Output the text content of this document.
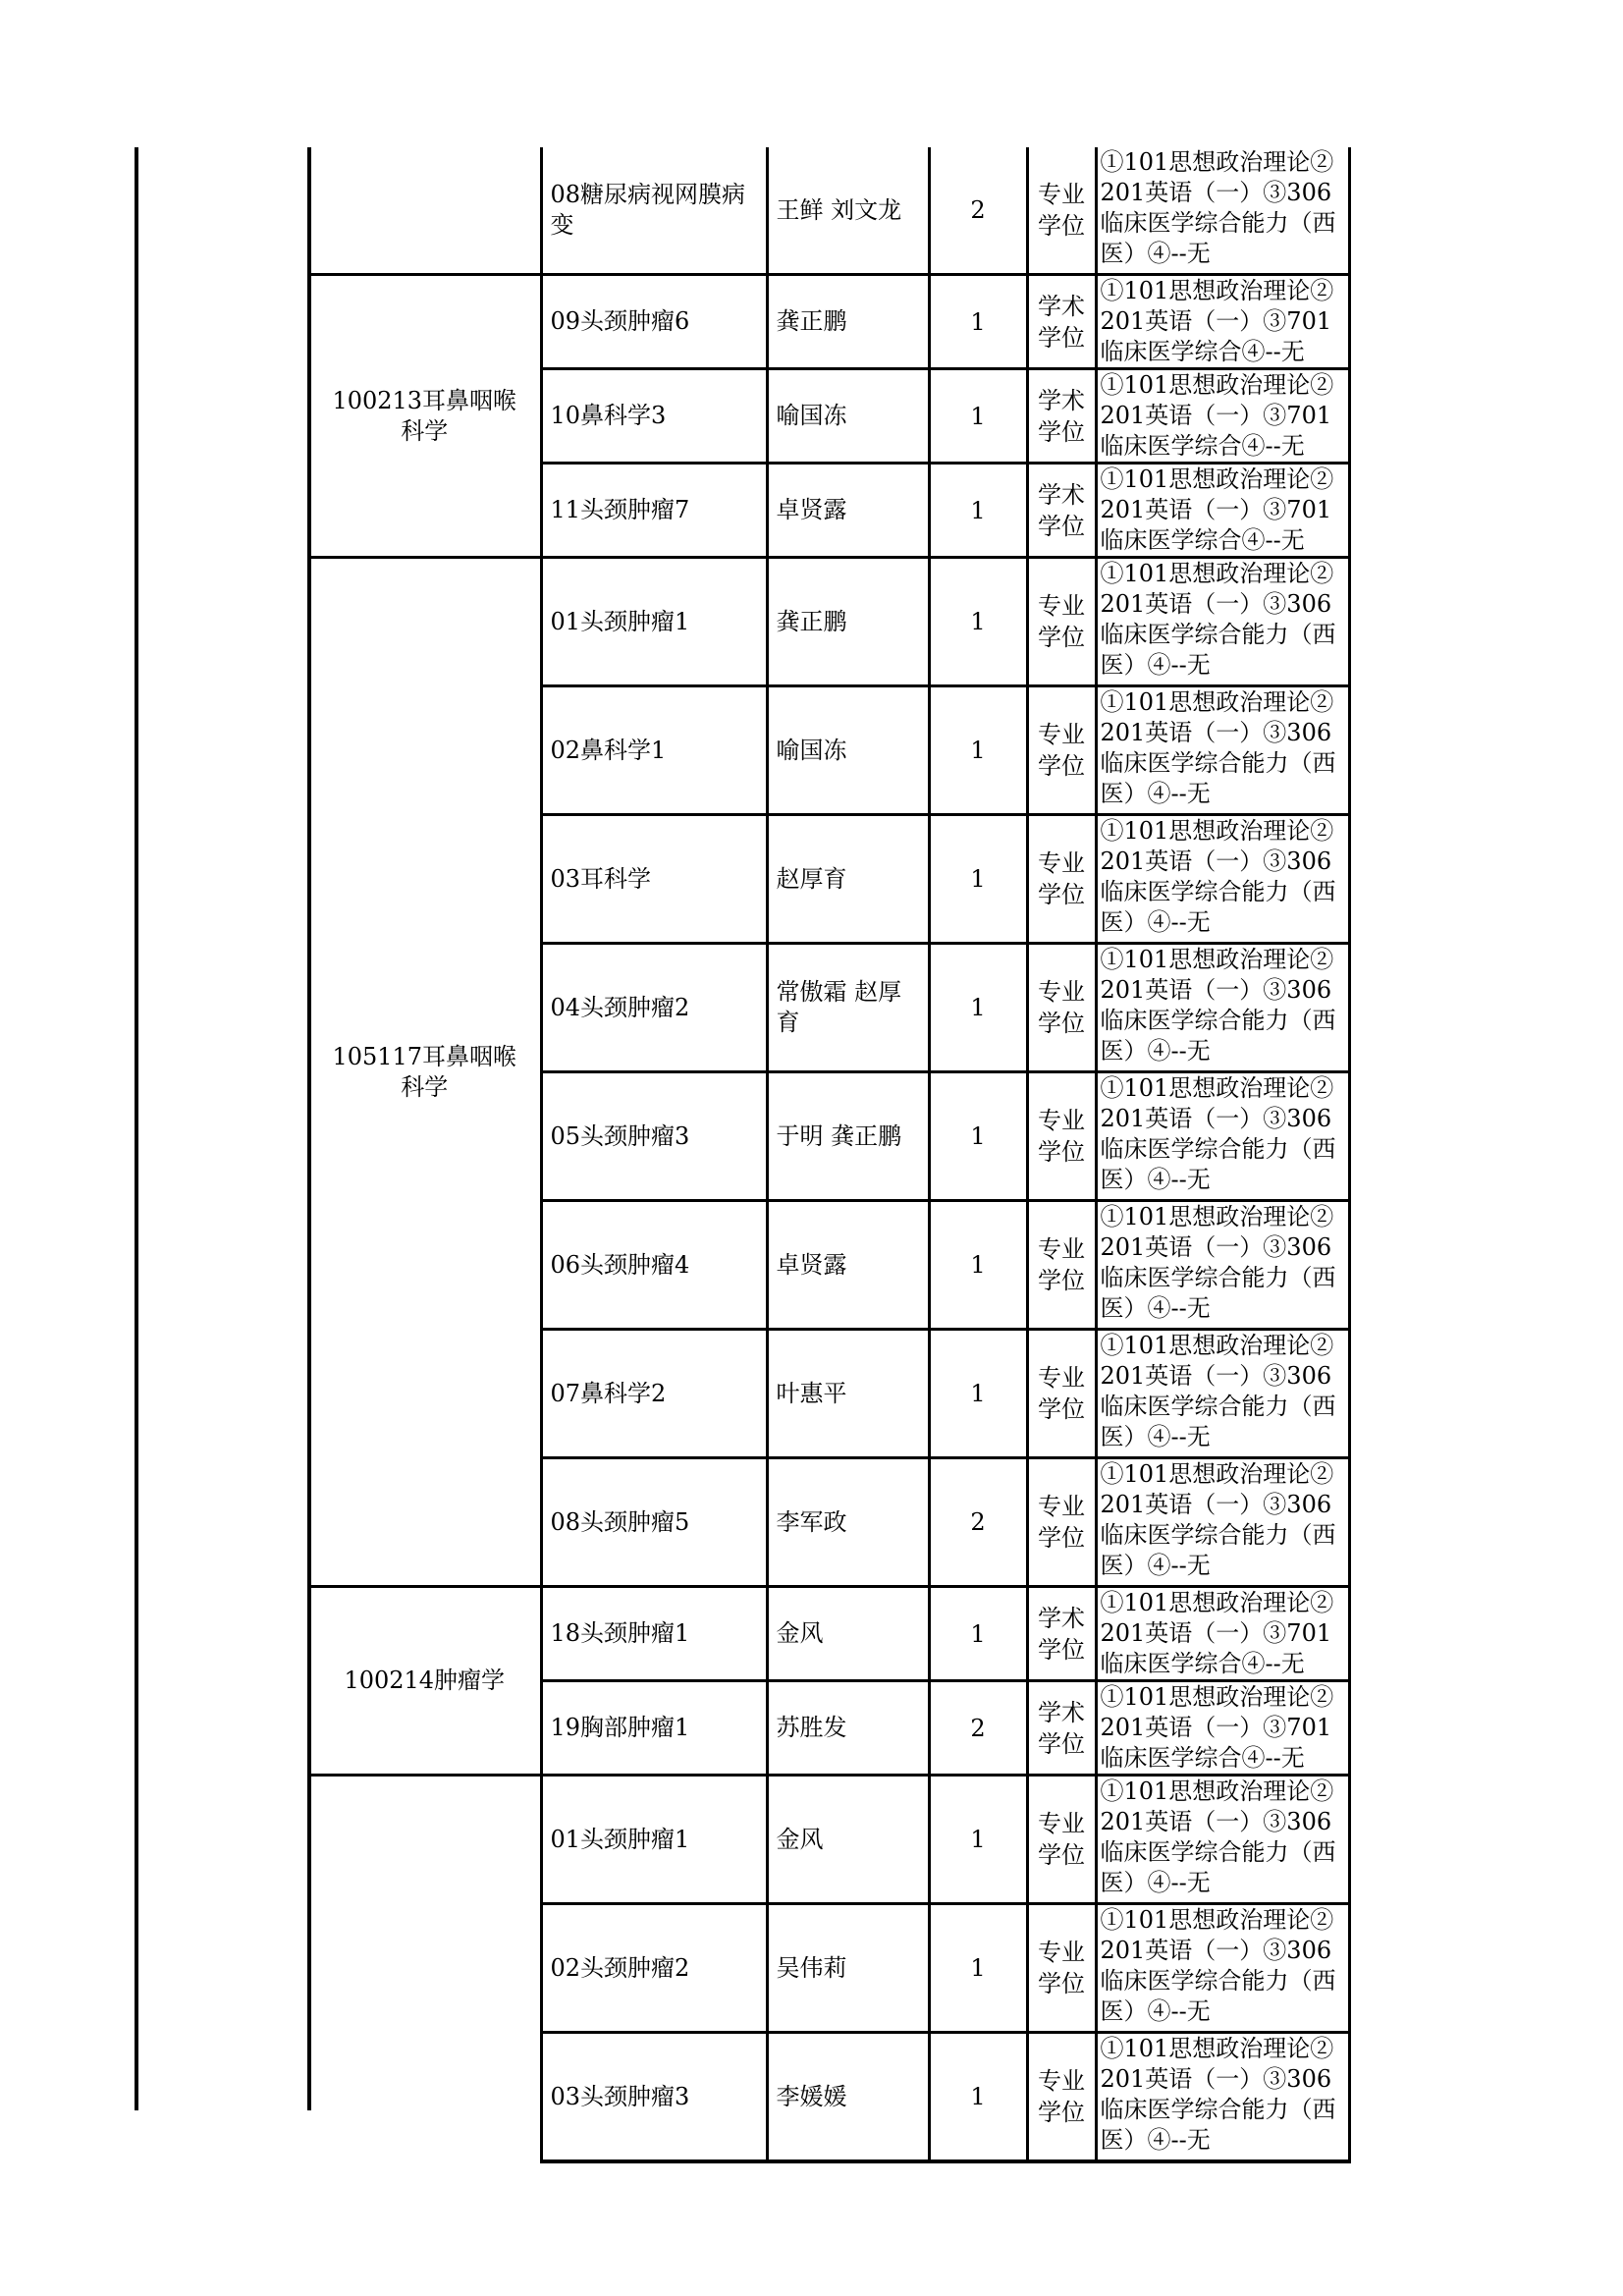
	08糖尿病视网膜病变	王鲜 刘文龙	2	专业学位	①101思想政治理论②201英语（一）③306临床医学综合能力（西医）④--无
100213耳鼻咽喉科学	09头颈肿瘤6	龚正鹏	1	学术学位	①101思想政治理论②201英语（一）③701临床医学综合④--无
	10鼻科学3	喻国冻	1	学术学位	①101思想政治理论②201英语（一）③701临床医学综合④--无
	11头颈肿瘤7	卓贤露	1	学术学位	①101思想政治理论②201英语（一）③701临床医学综合④--无
105117耳鼻咽喉科学	01头颈肿瘤1	龚正鹏	1	专业学位	①101思想政治理论②201英语（一）③306临床医学综合能力（西医）④--无
	02鼻科学1	喻国冻	1	专业学位	①101思想政治理论②201英语（一）③306临床医学综合能力（西医）④--无
	03耳科学	赵厚育	1	专业学位	①101思想政治理论②201英语（一）③306临床医学综合能力（西医）④--无
	04头颈肿瘤2	常傲霜 赵厚育	1	专业学位	①101思想政治理论②201英语（一）③306临床医学综合能力（西医）④--无
	05头颈肿瘤3	于明 龚正鹏	1	专业学位	①101思想政治理论②201英语（一）③306临床医学综合能力（西医）④--无
	06头颈肿瘤4	卓贤露	1	专业学位	①101思想政治理论②201英语（一）③306临床医学综合能力（西医）④--无
	07鼻科学2	叶惠平	1	专业学位	①101思想政治理论②201英语（一）③306临床医学综合能力（西医）④--无
	08头颈肿瘤5	李军政	2	专业学位	①101思想政治理论②201英语（一）③306临床医学综合能力（西医）④--无
100214肿瘤学	18头颈肿瘤1	金风	1	学术学位	①101思想政治理论②201英语（一）③701临床医学综合④--无
	19胸部肿瘤1	苏胜发	2	学术学位	①101思想政治理论②201英语（一）③701临床医学综合④--无
	01头颈肿瘤1	金风	1	专业学位	①101思想政治理论②201英语（一）③306临床医学综合能力（西医）④--无
	02头颈肿瘤2	吴伟莉	1	专业学位	①101思想政治理论②201英语（一）③306临床医学综合能力（西医）④--无
	03头颈肿瘤3	李媛媛	1	专业学位	①101思想政治理论②201英语（一）③306临床医学综合能力（西医）④--无
